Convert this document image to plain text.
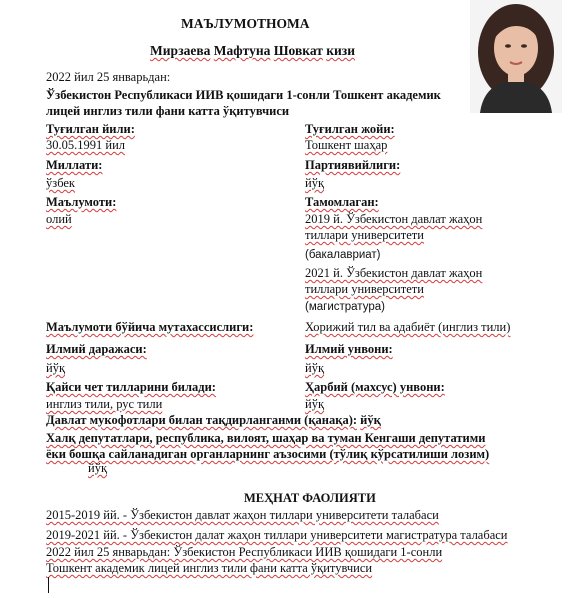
МАЪЛУМОТНОМА
Мирзаева Мафтуна Шовкат кизи
2022 йил 25 январьдан:
Ўзбекистон Республикаси ИИВ қошидаги 1-сонли Тошкент академик
лицей инглиз тили фани катта ўқитувчиси
Туғилган йили:
30.05.1991 йил
Туғилган жойи:
Тошкент шаҳар
Миллати:
ўзбек
Партиявийлиги:
йўқ
Маълумоти:
олий
Тамомлаган:
2019 й. Ўзбекистон давлат жаҳон
тиллари университети
(бакалавриат)
2021 й. Ўзбекистон давлат жаҳон
тиллари университети
(магистратура)
Маълумоти бўйича мутахассислиги:	Хорижий тил ва адабиёт (инглиз тили)
Илмий даражаси:
йўқ
Илмий унвони:
йўқ
Қайси чет тилларини билади:
инглиз тили, рус тили
Ҳарбий (махсус) унвони:
йўқ
Давлат мукофотлари билан тақдирланганми (қанақа): йўқ
Халқ депутатлари, республика, вилоят, шаҳар ва туман Кенгаши депутатими
ёки бошқа сайланадиган органларнинг аъзосими (тўлиқ кўрсатилиши лозим)
йўқ
МЕҲНАТ ФАОЛИЯТИ
2015-2019 йй. - Ўзбекистон давлат жаҳон тиллари университети талабаси
2019-2021 йй. - Ўзбекистон далат жаҳон тиллари университети магистратура талабаси
2022 йил 25 январьдан: Ўзбекистон Республикаси ИИВ қошидаги 1-сонли
Тошкент академик лицей инглиз тили фани катта ўқитувчиси
